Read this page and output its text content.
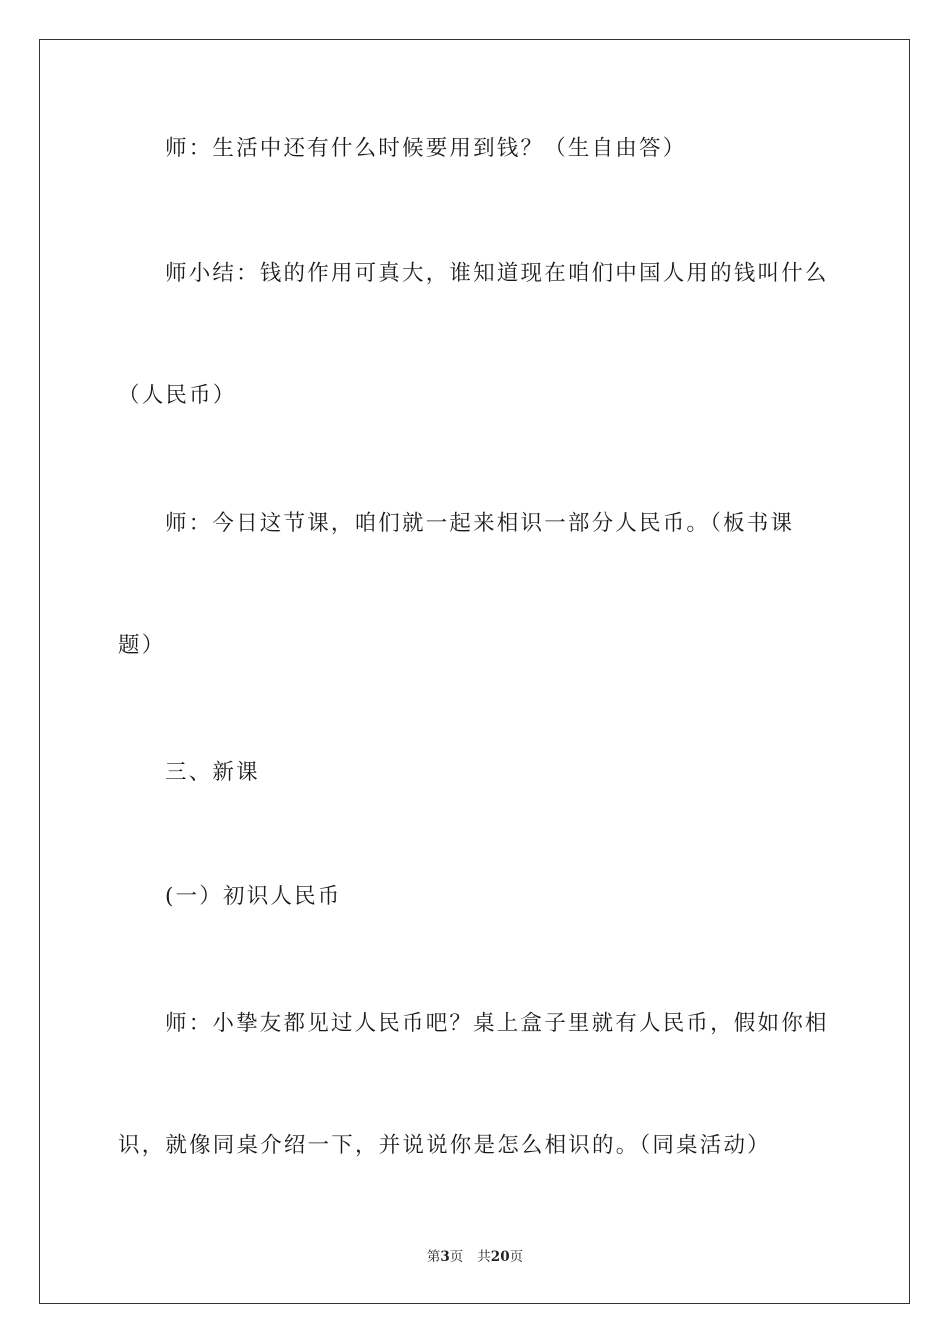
师：生活中还有什么时候要用到钱？（生自由答）

师小结：钱的作用可真大，谁知道现在咱们中国人用的钱叫什么

（人民币）

师：今日这节课，咱们就一起来相识一部分人民币。（板书课

题）

三、新课

(一）初识人民币

师：小挚友都见过人民币吧？桌上盒子里就有人民币，假如你相

识，就像同桌介绍一下，并说说你是怎么相识的。（同桌活动）

第3页 共20页
